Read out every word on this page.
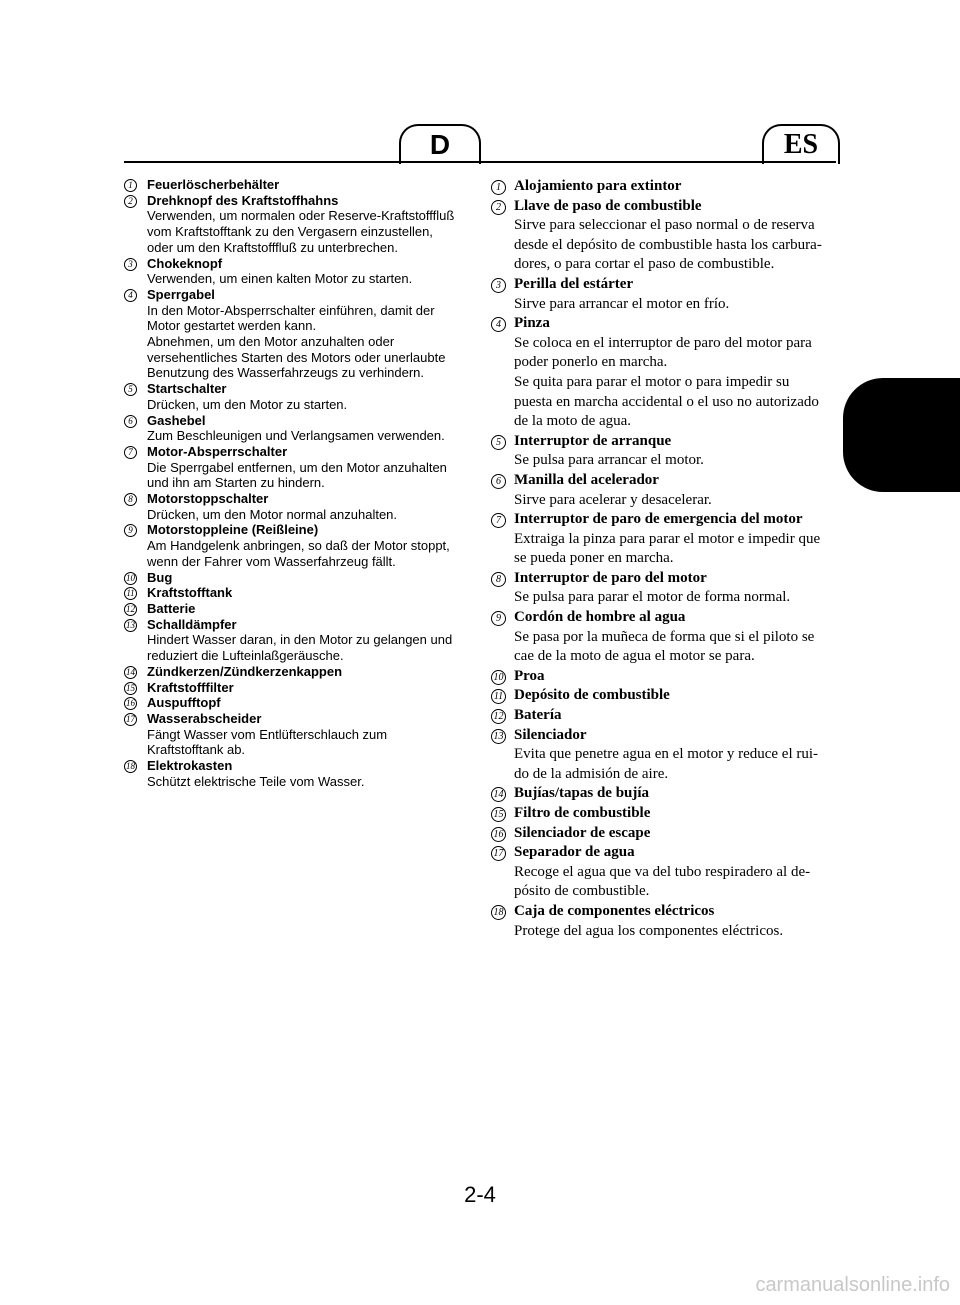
D	ES
1	Feuerlöscherbehälter
2	Drehknopf des Kraftstoffhahns
Verwenden, um normalen oder Reserve-Kraftstofffluß
vom Kraftstofftank zu den Vergasern einzustellen,
oder um den Kraftstofffluß zu unterbrechen.
3	Chokeknopf
Verwenden, um einen kalten Motor zu starten.
4	Sperrgabel
In den Motor-Absperrschalter einführen, damit der
Motor gestartet werden kann.
Abnehmen, um den Motor anzuhalten oder
versehentliches Starten des Motors oder unerlaubte
Benutzung des Wasserfahrzeugs zu verhindern.
5	Startschalter
Drücken, um den Motor zu starten.
6	Gashebel
Zum Beschleunigen und Verlangsamen verwenden.
7	Motor-Absperrschalter
Die Sperrgabel entfernen, um den Motor anzuhalten
und ihn am Starten zu hindern.
8	Motorstoppschalter
Drücken, um den Motor normal anzuhalten.
9	Motorstoppleine (Reißleine)
Am Handgelenk anbringen, so daß der Motor stoppt,
wenn der Fahrer vom Wasserfahrzeug fällt.
10 Bug
11 Kraftstofftank
12 Batterie
13 Schalldämpfer
Hindert Wasser daran, in den Motor zu gelangen und
reduziert die Lufteinlaßgeräusche.
14 Zündkerzen/Zündkerzenkappen
15 Kraftstofffilter
16 Auspufftopf
17 Wasserabscheider
Fängt Wasser vom Entlüfterschlauch zum
Kraftstofftank ab.
18 Elektrokasten
Schützt elektrische Teile vom Wasser.
1 Alojamiento para extintor
2 Llave de paso de combustible
Sirve para seleccionar el paso normal o de reserva
desde el depósito de combustible hasta los carbura-
dores, o para cortar el paso de combustible.
3 Perilla del estárter
Sirve para arrancar el motor en frío.
4 Pinza
Se coloca en el interruptor de paro del motor para
poder ponerlo en marcha.
Se quita para parar el motor o para impedir su
puesta en marcha accidental o el uso no autorizado
de la moto de agua.
5 Interruptor de arranque
Se pulsa para arrancar el motor.
6 Manilla del acelerador
Sirve para acelerar y desacelerar.
7 Interruptor de paro de emergencia del motor
Extraiga la pinza para parar el motor e impedir que
se pueda poner en marcha.
8 Interruptor de paro del motor
Se pulsa para parar el motor de forma normal.
9 Cordón de hombre al agua
Se pasa por la muñeca de forma que si el piloto se
cae de la moto de agua el motor se para.
10 Proa
11 Depósito de combustible
12 Batería
13 Silenciador
Evita que penetre agua en el motor y reduce el rui-
do de la admisión de aire.
14 Bujías/tapas de bujía
15 Filtro de combustible
16 Silenciador de escape
17 Separador de agua
Recoge el agua que va del tubo respiradero al de-
pósito de combustible.
18 Caja de componentes eléctricos
Protege del agua los componentes eléctricos.
2-4
carmanualsonline.info
